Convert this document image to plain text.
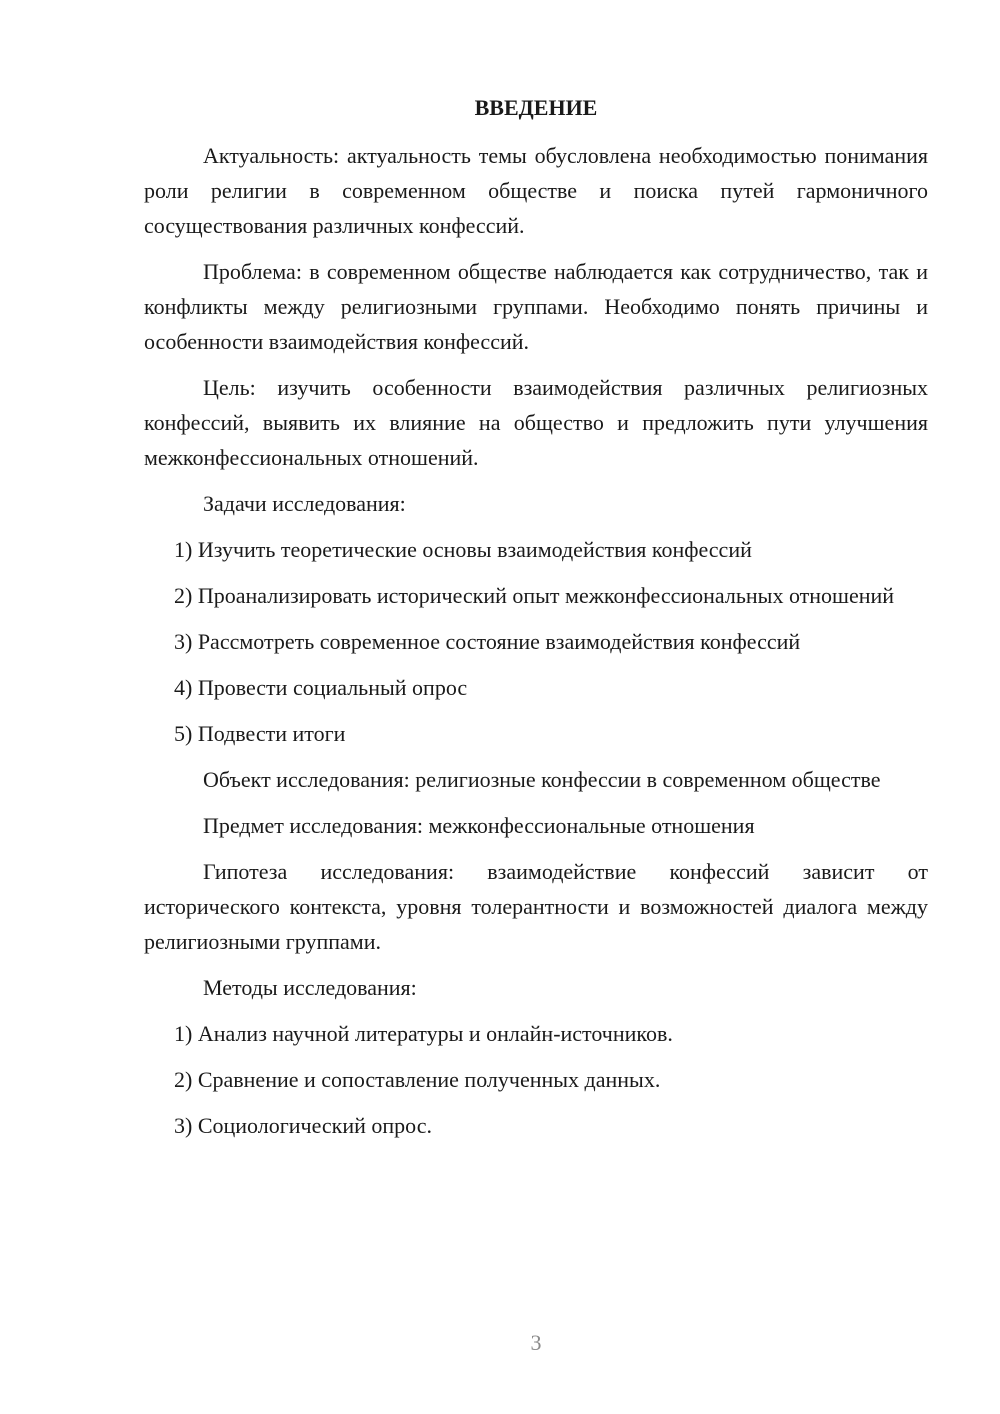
ВВЕДЕНИЕ
Актуальность: актуальность темы обусловлена необходимостью понимания роли религии в современном обществе и поиска путей гармоничного сосуществования различных конфессий.
Проблема: в современном обществе наблюдается как сотрудничество, так и конфликты между религиозными группами. Необходимо понять причины и особенности взаимодействия конфессий.
Цель: изучить особенности взаимодействия различных религиозных конфессий, выявить их влияние на общество и предложить пути улучшения межконфессиональных отношений.
Задачи исследования:
1) Изучить теоретические основы взаимодействия конфессий
2) Проанализировать исторический опыт межконфессиональных отношений
3) Рассмотреть современное состояние взаимодействия конфессий
4) Провести социальный опрос
5) Подвести итоги
Объект исследования: религиозные конфессии в современном обществе
Предмет исследования: межконфессиональные отношения
Гипотеза исследования: взаимодействие конфессий зависит от исторического контекста, уровня толерантности и возможностей диалога между религиозными группами.
Методы исследования:
1) Анализ научной литературы и онлайн-источников.
2) Сравнение и сопоставление полученных данных.
3) Социологический опрос.
3
